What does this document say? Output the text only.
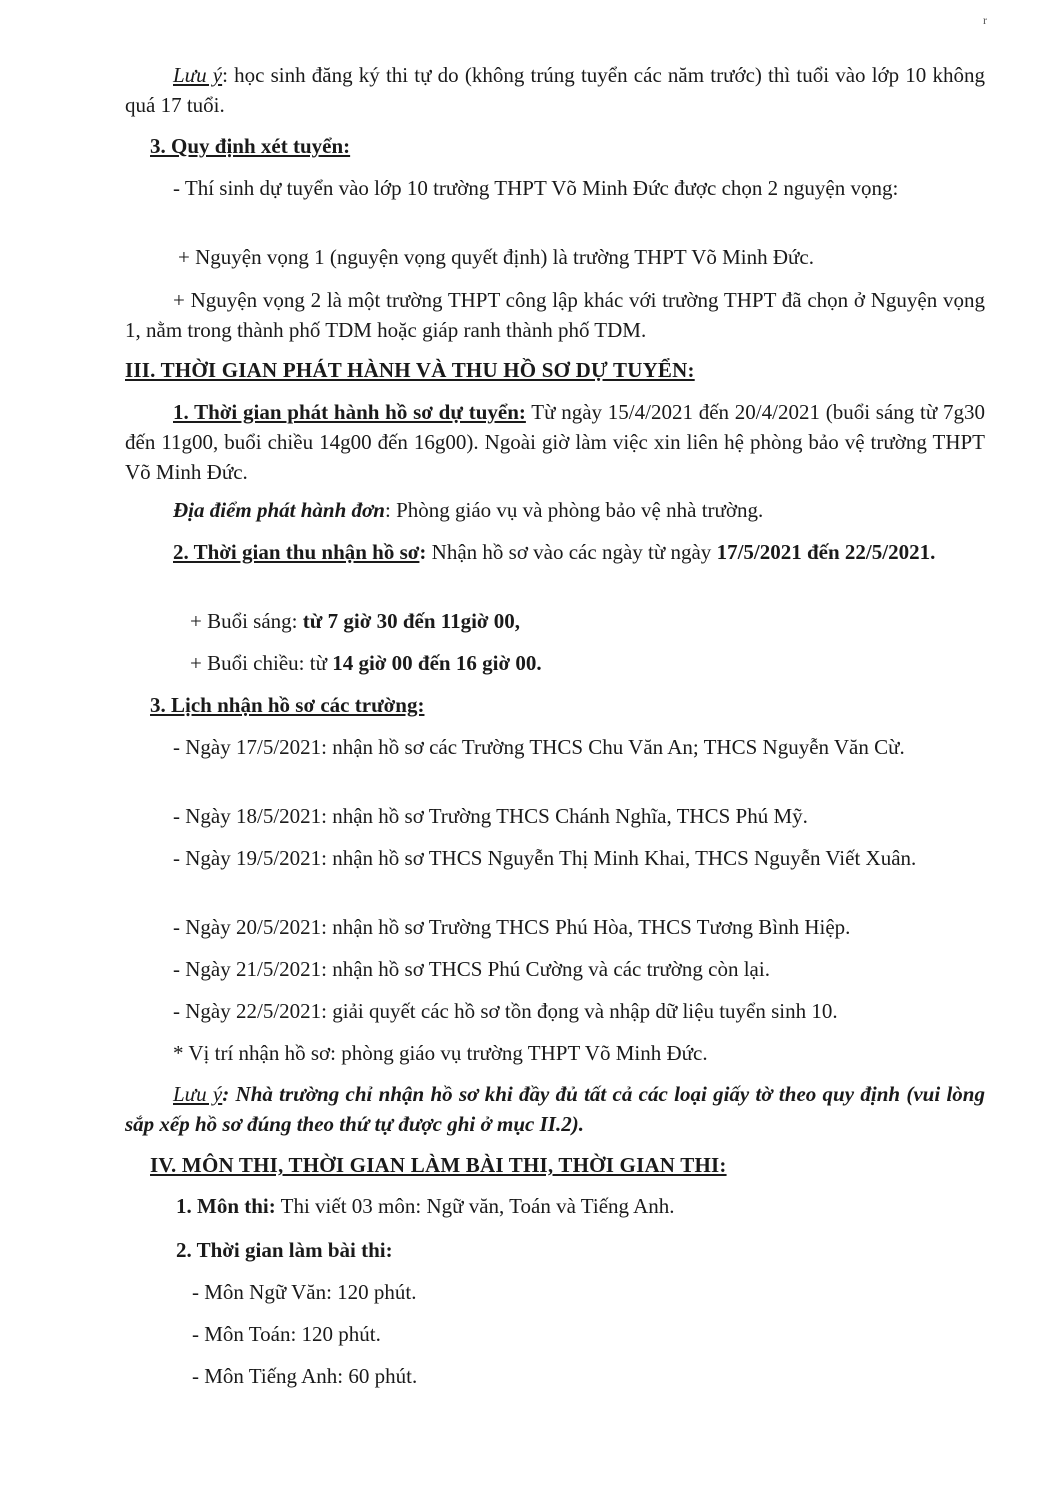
r

Lưu ý: học sinh đăng ký thi tự do (không trúng tuyển các năm trước) thì tuổi vào lớp 10 không quá 17 tuổi.

3. Quy định xét tuyển:

- Thí sinh dự tuyển vào lớp 10 trường THPT Võ Minh Đức được chọn 2 nguyện vọng:

+ Nguyện vọng 1 (nguyện vọng quyết định) là trường THPT Võ Minh Đức.

+ Nguyện vọng 2 là một trường THPT công lập khác với trường THPT đã chọn ở Nguyện vọng 1, nằm trong thành phố TDM hoặc giáp ranh thành phố TDM.

III. THỜI GIAN PHÁT HÀNH VÀ THU HỒ SƠ DỰ TUYỂN:

1. Thời gian phát hành hồ sơ dự tuyển: Từ ngày 15/4/2021 đến 20/4/2021 (buổi sáng từ 7g30 đến 11g00, buổi chiều 14g00 đến 16g00). Ngoài giờ làm việc xin liên hệ phòng bảo vệ trường THPT Võ Minh Đức.

Địa điểm phát hành đơn: Phòng giáo vụ và phòng bảo vệ nhà trường.

2. Thời gian thu nhận hồ sơ: Nhận hồ sơ vào các ngày từ ngày 17/5/2021 đến 22/5/2021.

+ Buổi sáng: từ 7 giờ 30 đến 11giờ 00,

+ Buổi chiều: từ 14 giờ 00 đến 16 giờ 00.

3. Lịch nhận hồ sơ các trường:

- Ngày 17/5/2021: nhận hồ sơ các Trường THCS Chu Văn An; THCS Nguyễn Văn Cừ.

- Ngày 18/5/2021: nhận hồ sơ Trường THCS Chánh Nghĩa, THCS Phú Mỹ.

- Ngày 19/5/2021: nhận hồ sơ THCS Nguyễn Thị Minh Khai, THCS Nguyễn Viết Xuân.

- Ngày 20/5/2021: nhận hồ sơ Trường THCS Phú Hòa, THCS Tương Bình Hiệp.

- Ngày 21/5/2021: nhận hồ sơ THCS Phú Cường và các trường còn lại.

- Ngày 22/5/2021: giải quyết các hồ sơ tồn đọng và nhập dữ liệu tuyển sinh 10.

* Vị trí nhận hồ sơ: phòng giáo vụ trường THPT Võ Minh Đức.

Lưu ý: Nhà trường chỉ nhận hồ sơ khi đầy đủ tất cả các loại giấy tờ theo quy định (vui lòng sắp xếp hồ sơ đúng theo thứ tự được ghi ở mục II.2).

IV. MÔN THI, THỜI GIAN LÀM BÀI THI, THỜI GIAN THI:

1. Môn thi: Thi viết 03 môn: Ngữ văn, Toán và Tiếng Anh.

2. Thời gian làm bài thi:

- Môn Ngữ Văn: 120 phút.

- Môn Toán: 120 phút.

- Môn Tiếng Anh: 60 phút.
